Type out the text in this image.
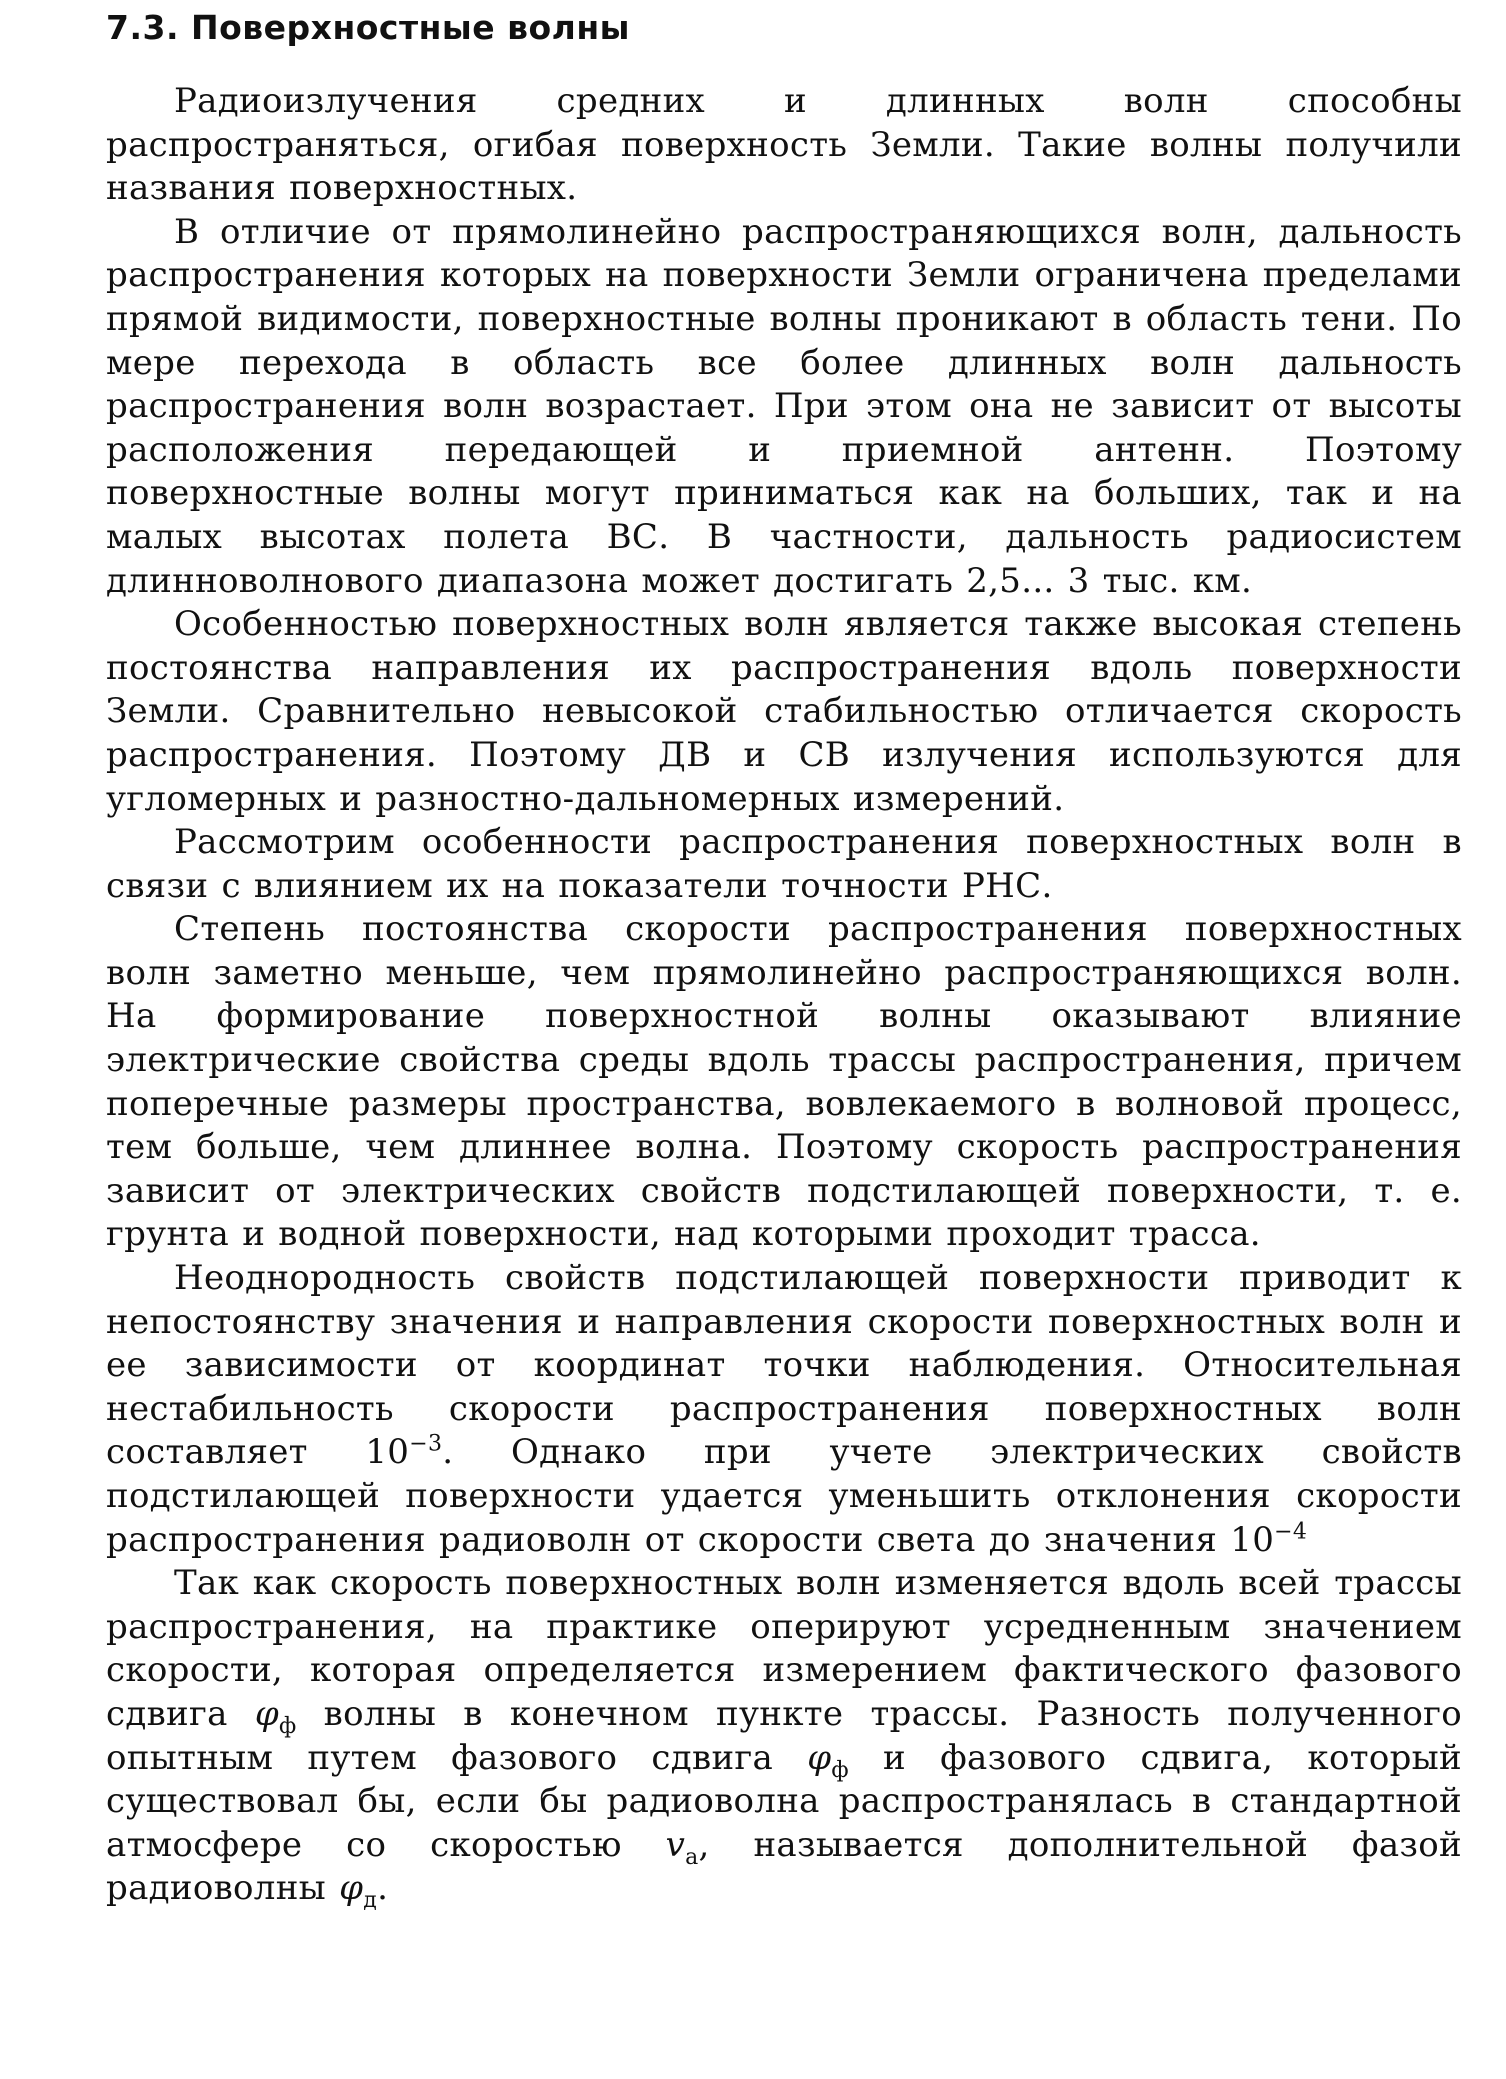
7.3. Поверхностные волны

Радиоизлучения средних и длинных волн способны распространяться, огибая поверхность Земли. Такие волны получили названия поверхностных.

В отличие от прямолинейно распространяющихся волн, дальность распространения которых на поверхности Земли ограничена пределами прямой видимости, поверхностные волны проникают в область тени. По мере перехода в область все более длинных волн дальность распространения волн возрастает. При этом она не зависит от высоты расположения передающей и приемной антенн. Поэтому поверхностные волны могут приниматься как на больших, так и на малых высотах полета ВС. В частности, дальность радиосистем длинноволнового диапазона может достигать 2,5... 3 тыс. км.

Особенностью поверхностных волн является также высокая степень постоянства направления их распространения вдоль поверхности Земли. Сравнительно невысокой стабильностью отличается скорость распространения. Поэтому ДВ и СВ излучения используются для угломерных и разностно-дальномерных измерений.

Рассмотрим особенности распространения поверхностных волн в связи с влиянием их на показатели точности РНС.

Степень постоянства скорости распространения поверхностных волн заметно меньше, чем прямолинейно распространяющихся волн. На формирование поверхностной волны оказывают влияние электрические свойства среды вдоль трассы распространения, причем поперечные размеры пространства, вовлекаемого в волновой процесс, тем больше, чем длиннее волна. Поэтому скорость распространения зависит от электрических свойств подстилающей поверхности, т. е. грунта и водной поверхности, над которыми проходит трасса.

Неоднородность свойств подстилающей поверхности приводит к непостоянству значения и направления скорости поверхностных волн и ее зависимости от координат точки наблюдения. Относительная нестабильность скорости распространения поверхностных волн составляет $10^{-3}$. Однако при учете электрических свойств подстилающей поверхности удается уменьшить отклонения скорости распространения радиоволн от скорости света до значения $10^{-4}$

Так как скорость поверхностных волн изменяется вдоль всей трассы распространения, на практике оперируют усредненным значением скорости, которая определяется измерением фактического фазового сдвига $\varphi_ф$ волны в конечном пункте трассы. Разность полученного опытным путем фазового сдвига $\varphi_ф$ и фазового сдвига, который существовал бы, если бы радиоволна распространялась в стандартной атмосфере со скоростью $v_а$, называется дополнительной фазой радиоволны $\varphi_д$.
